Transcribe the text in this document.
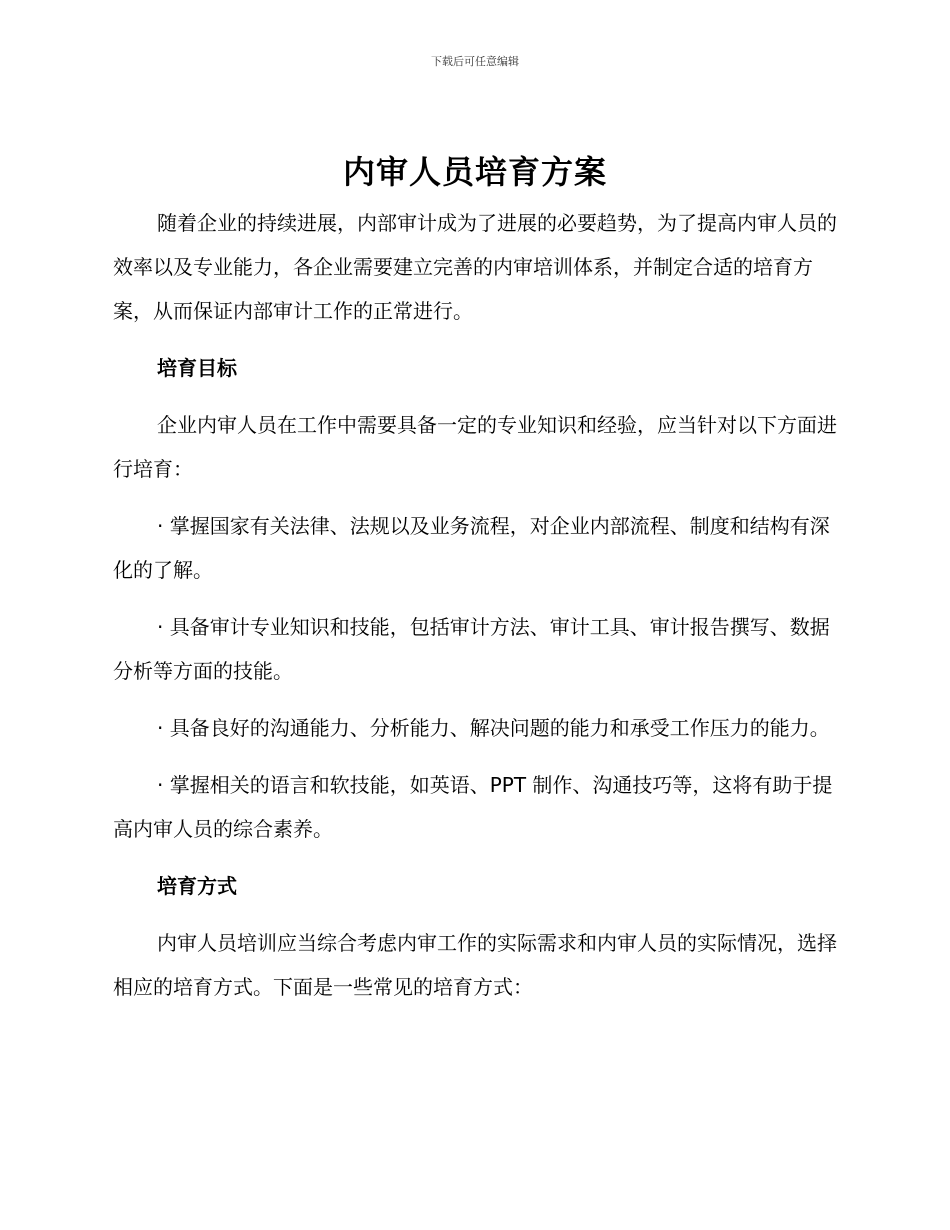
下载后可任意编辑
内审人员培育方案

随着企业的持续进展，内部审计成为了进展的必要趋势，为了提高内审人员的效率以及专业能力，各企业需要建立完善的内审培训体系，并制定合适的培育方案，从而保证内部审计工作的正常进行。

培育目标

企业内审人员在工作中需要具备一定的专业知识和经验，应当针对以下方面进行培育：

· 掌握国家有关法律、法规以及业务流程，对企业内部流程、制度和结构有深化的了解。

· 具备审计专业知识和技能，包括审计方法、审计工具、审计报告撰写、数据分析等方面的技能。

· 具备良好的沟通能力、分析能力、解决问题的能力和承受工作压力的能力。

· 掌握相关的语言和软技能，如英语、PPT 制作、沟通技巧等，这将有助于提高内审人员的综合素养。

培育方式

内审人员培训应当综合考虑内审工作的实际需求和内审人员的实际情况，选择相应的培育方式。下面是一些常见的培育方式：
